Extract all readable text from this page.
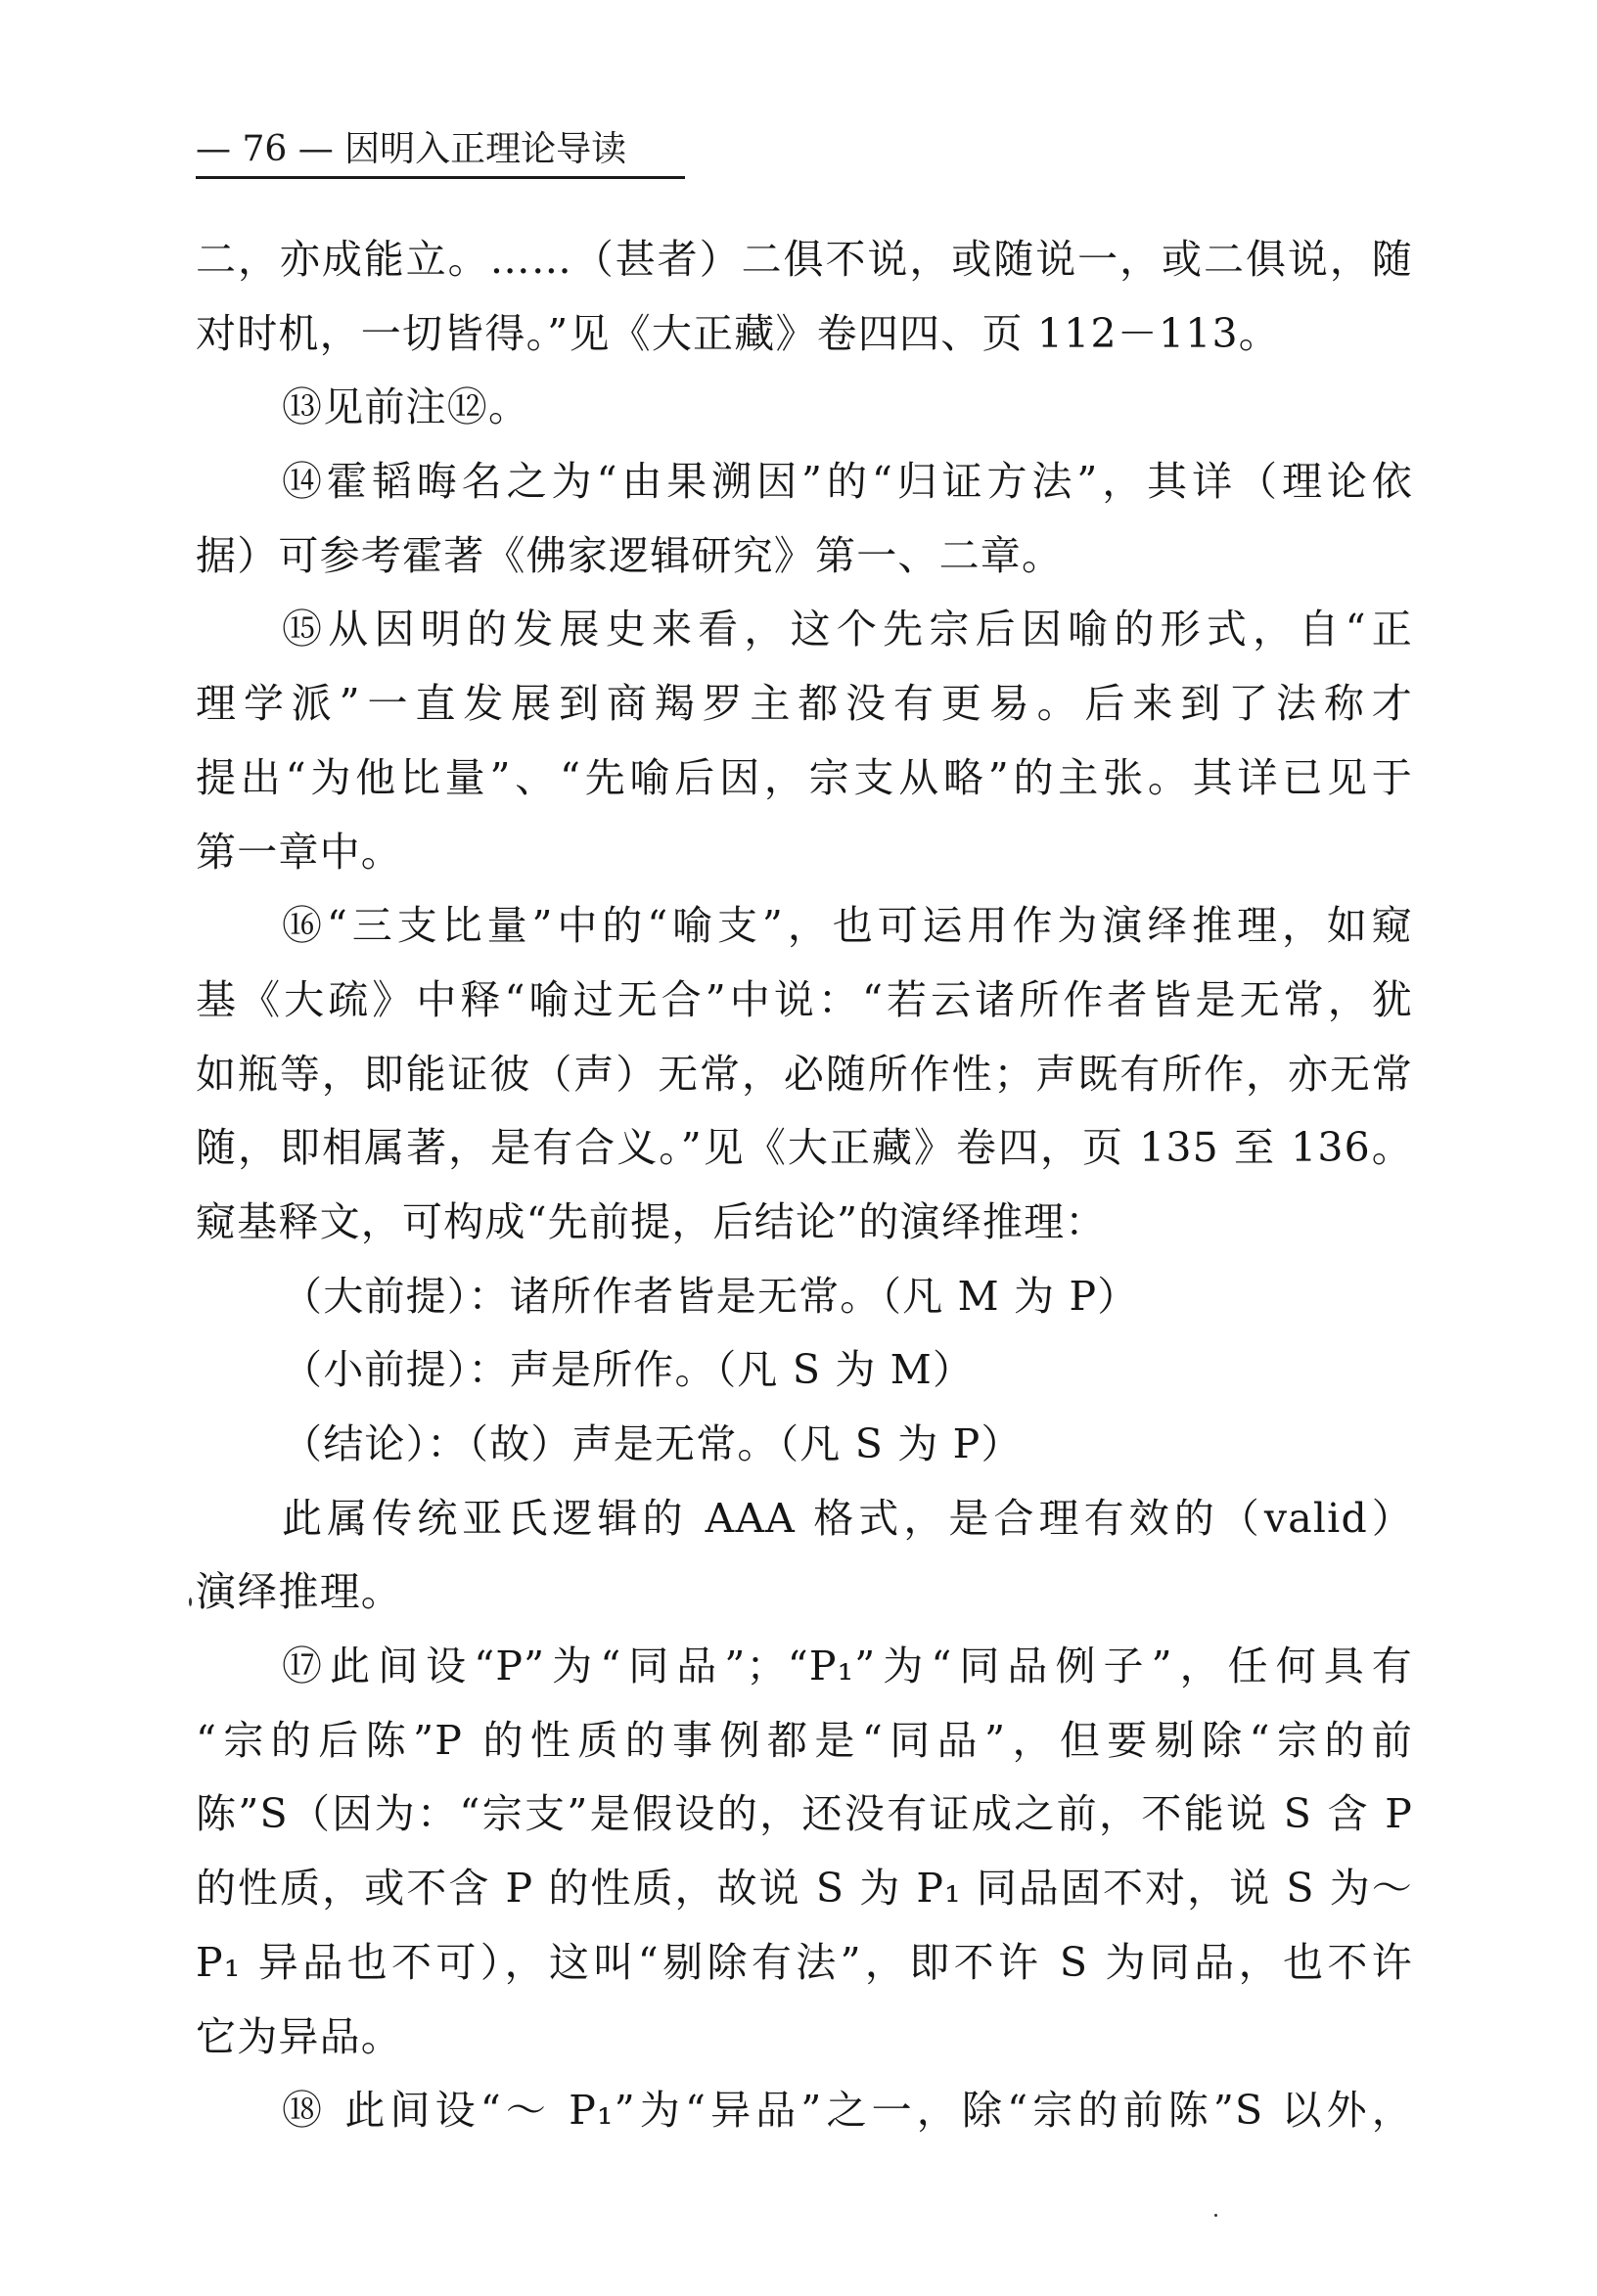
— 76 — 因明入正理论导读
二，亦成能立。……（甚者）二俱不说，或随说一，或二俱说，随
对时机，一切皆得。”见《大正藏》卷四四、页 112－113。
⑬见前注⑫。
⑭霍韬晦名之为“由果溯因”的“归证方法”，其详（理论依
据）可参考霍著《佛家逻辑研究》第一、二章。
⑮从因明的发展史来看，这个先宗后因喻的形式，自“正
理学派”一直发展到商羯罗主都没有更易。后来到了法称才
提出“为他比量”、“先喻后因，宗支从略”的主张。其详已见于
第一章中。
⑯“三支比量”中的“喻支”，也可运用作为演绎推理，如窥
基《大疏》中释“喻过无合”中说：“若云诸所作者皆是无常，犹
如瓶等，即能证彼（声）无常，必随所作性；声既有所作，亦无常
随，即相属著，是有合义。”见《大正藏》卷四，页 135 至 136。
窥基释文，可构成“先前提，后结论”的演绎推理：
（大前提）：诸所作者皆是无常。（凡 M 为 P）
（小前提）：声是所作。（凡 S 为 M）
（结论）：（故）声是无常。（凡 S 为 P）
此属传统亚氏逻辑的 AAA 格式，是合理有效的（valid）
演绎推理。
⑰此间设“P”为“同品”；“P₁”为“同品例子”，任何具有
“宗的后陈”P 的性质的事例都是“同品”，但要剔除“宗的前
陈”S（因为：“宗支”是假设的，还没有证成之前，不能说 S 含 P
的性质，或不含 P 的性质，故说 S 为 P₁ 同品固不对，说 S 为～
P₁ 异品也不可），这叫“剔除有法”，即不许 S 为同品，也不许
它为异品。
⑱ 此间设“～ P₁”为“异品”之一，除“宗的前陈”S 以外，
